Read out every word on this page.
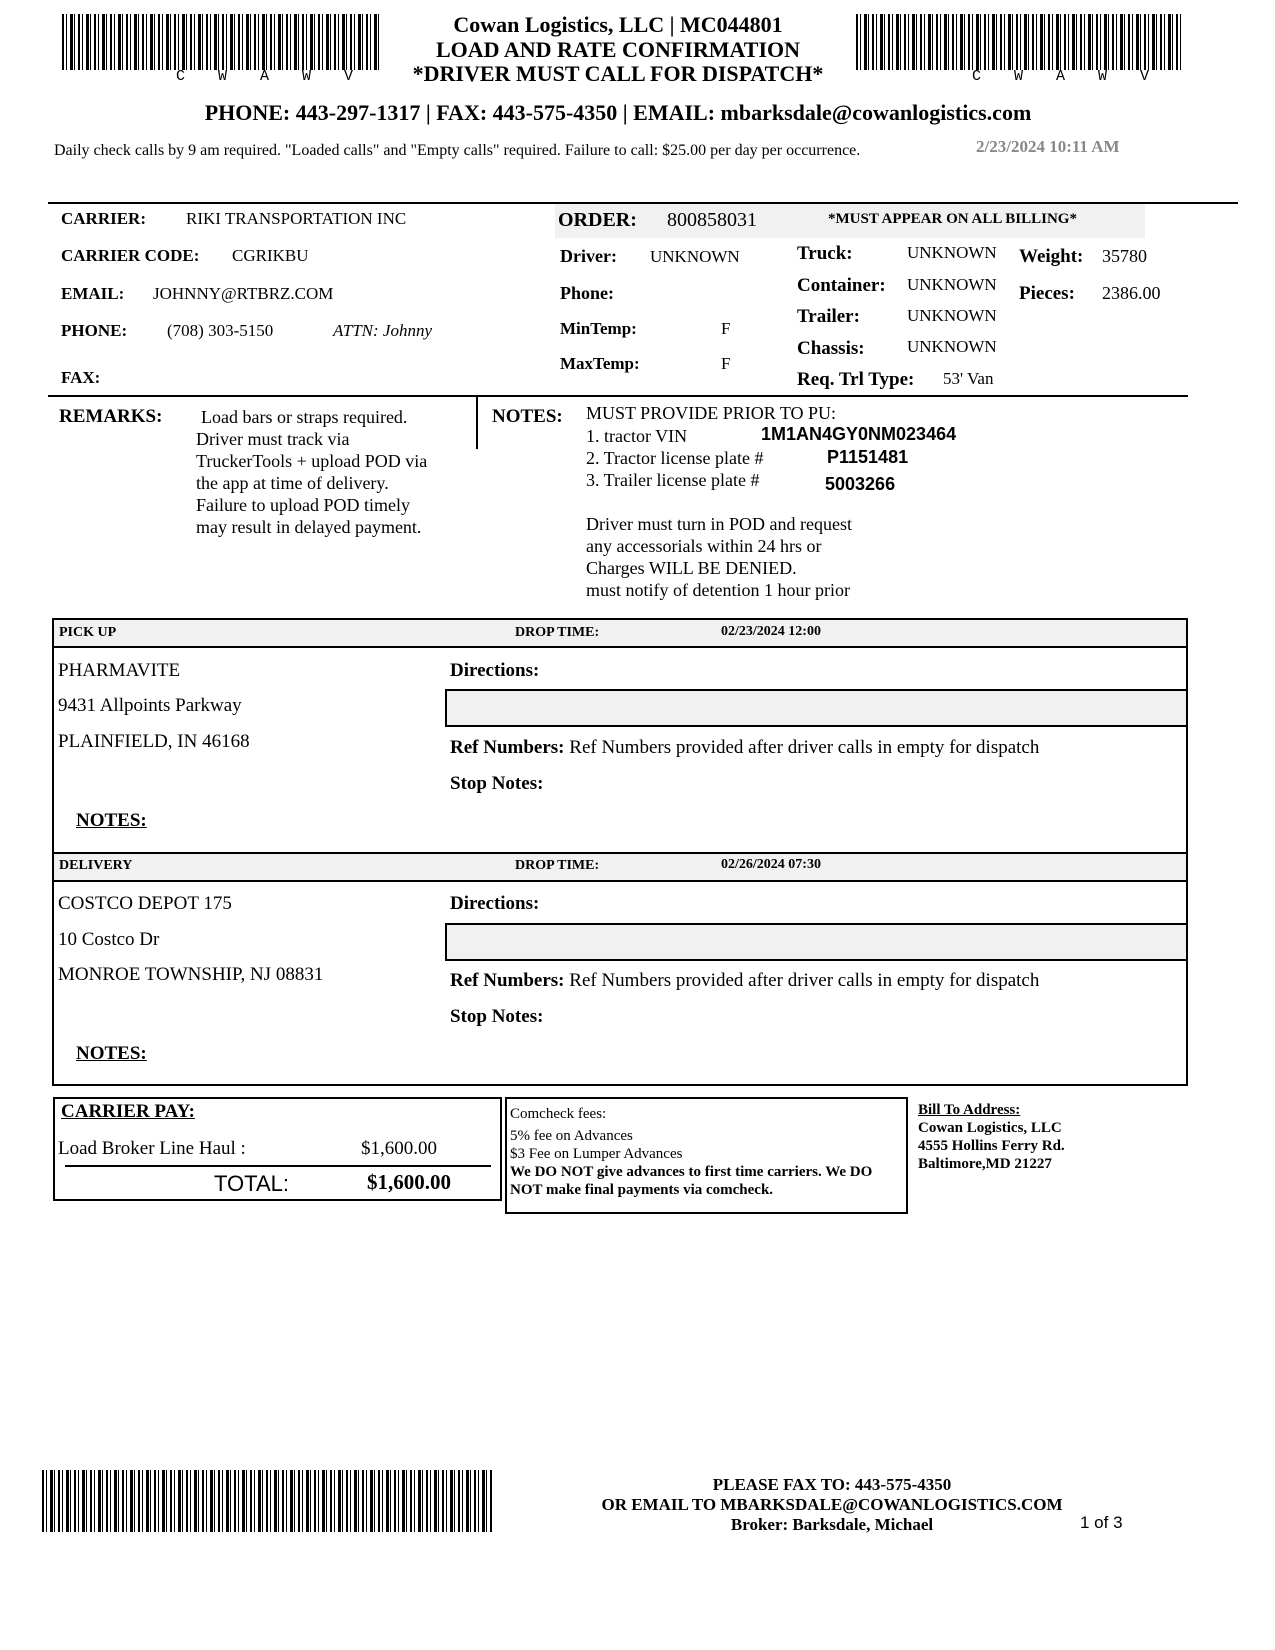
C W A W V	C W A W V
Cowan Logistics, LLC | MC044801
LOAD AND RATE CONFIRMATION
*DRIVER MUST CALL FOR DISPATCH*
PHONE: 443-297-1317 | FAX: 443-575-4350 | EMAIL: mbarksdale@cowanlogistics.com
Daily check calls by 9 am required. "Loaded calls" and "Empty calls" required. Failure to call: $25.00 per day per occurrence.	2/23/2024 10:11 AM
CARRIER: RIKI TRANSPORTATION INC
CARRIER CODE: CGRIKBU
EMAIL: JOHNNY@RTBRZ.COM
PHONE: (708) 303-5150	ATTN: Johnny
FAX:
ORDER: 800858031	*MUST APPEAR ON ALL BILLING*
Driver: UNKNOWN
Phone:
MinTemp:	F
MaxTemp:	F
Truck:	UNKNOWN
Container: UNKNOWN
Trailer:	UNKNOWN
Chassis: UNKNOWN
Req. Trl Type: 53' Van
Weight: 35780
Pieces: 2386.00
REMARKS: Load bars or straps required.
Driver must track via
TruckerTools + upload POD via
the app at time of delivery.
Failure to upload POD timely
may result in delayed payment.
NOTES: MUST PROVIDE PRIOR TO PU:
1. tractor VIN	1M1AN4GY0NM023464
2. Tractor license plate #	P1151481
3. Trailer license plate #	5003266
Driver must turn in POD and request
any accessorials within 24 hrs or
Charges WILL BE DENIED.
must notify of detention 1 hour prior
PICK UP	DROP TIME:	02/23/2024 12:00
PHARMAVITE
9431 Allpoints Parkway
PLAINFIELD, IN 46168
NOTES:
Directions:
Ref Numbers: Ref Numbers provided after driver calls in empty for dispatch
Stop Notes:
DELIVERY	DROP TIME:	02/26/2024 07:30
COSTCO DEPOT 175
10 Costco Dr
MONROE TOWNSHIP, NJ 08831
NOTES:
Directions:
Ref Numbers: Ref Numbers provided after driver calls in empty for dispatch
Stop Notes:
CARRIER PAY:
Load Broker Line Haul :	$1,600.00
TOTAL:	$1,600.00
Comcheck fees:
5% fee on Advances
$3 Fee on Lumper Advances
We DO NOT give advances to first time carriers. We DO
NOT make final payments via comcheck.
Bill To Address:
Cowan Logistics, LLC
4555 Hollins Ferry Rd.
Baltimore,MD 21227
PLEASE FAX TO: 443-575-4350
OR EMAIL TO MBARKSDALE@COWANLOGISTICS.COM
Broker: Barksdale, Michael	1 of 3
